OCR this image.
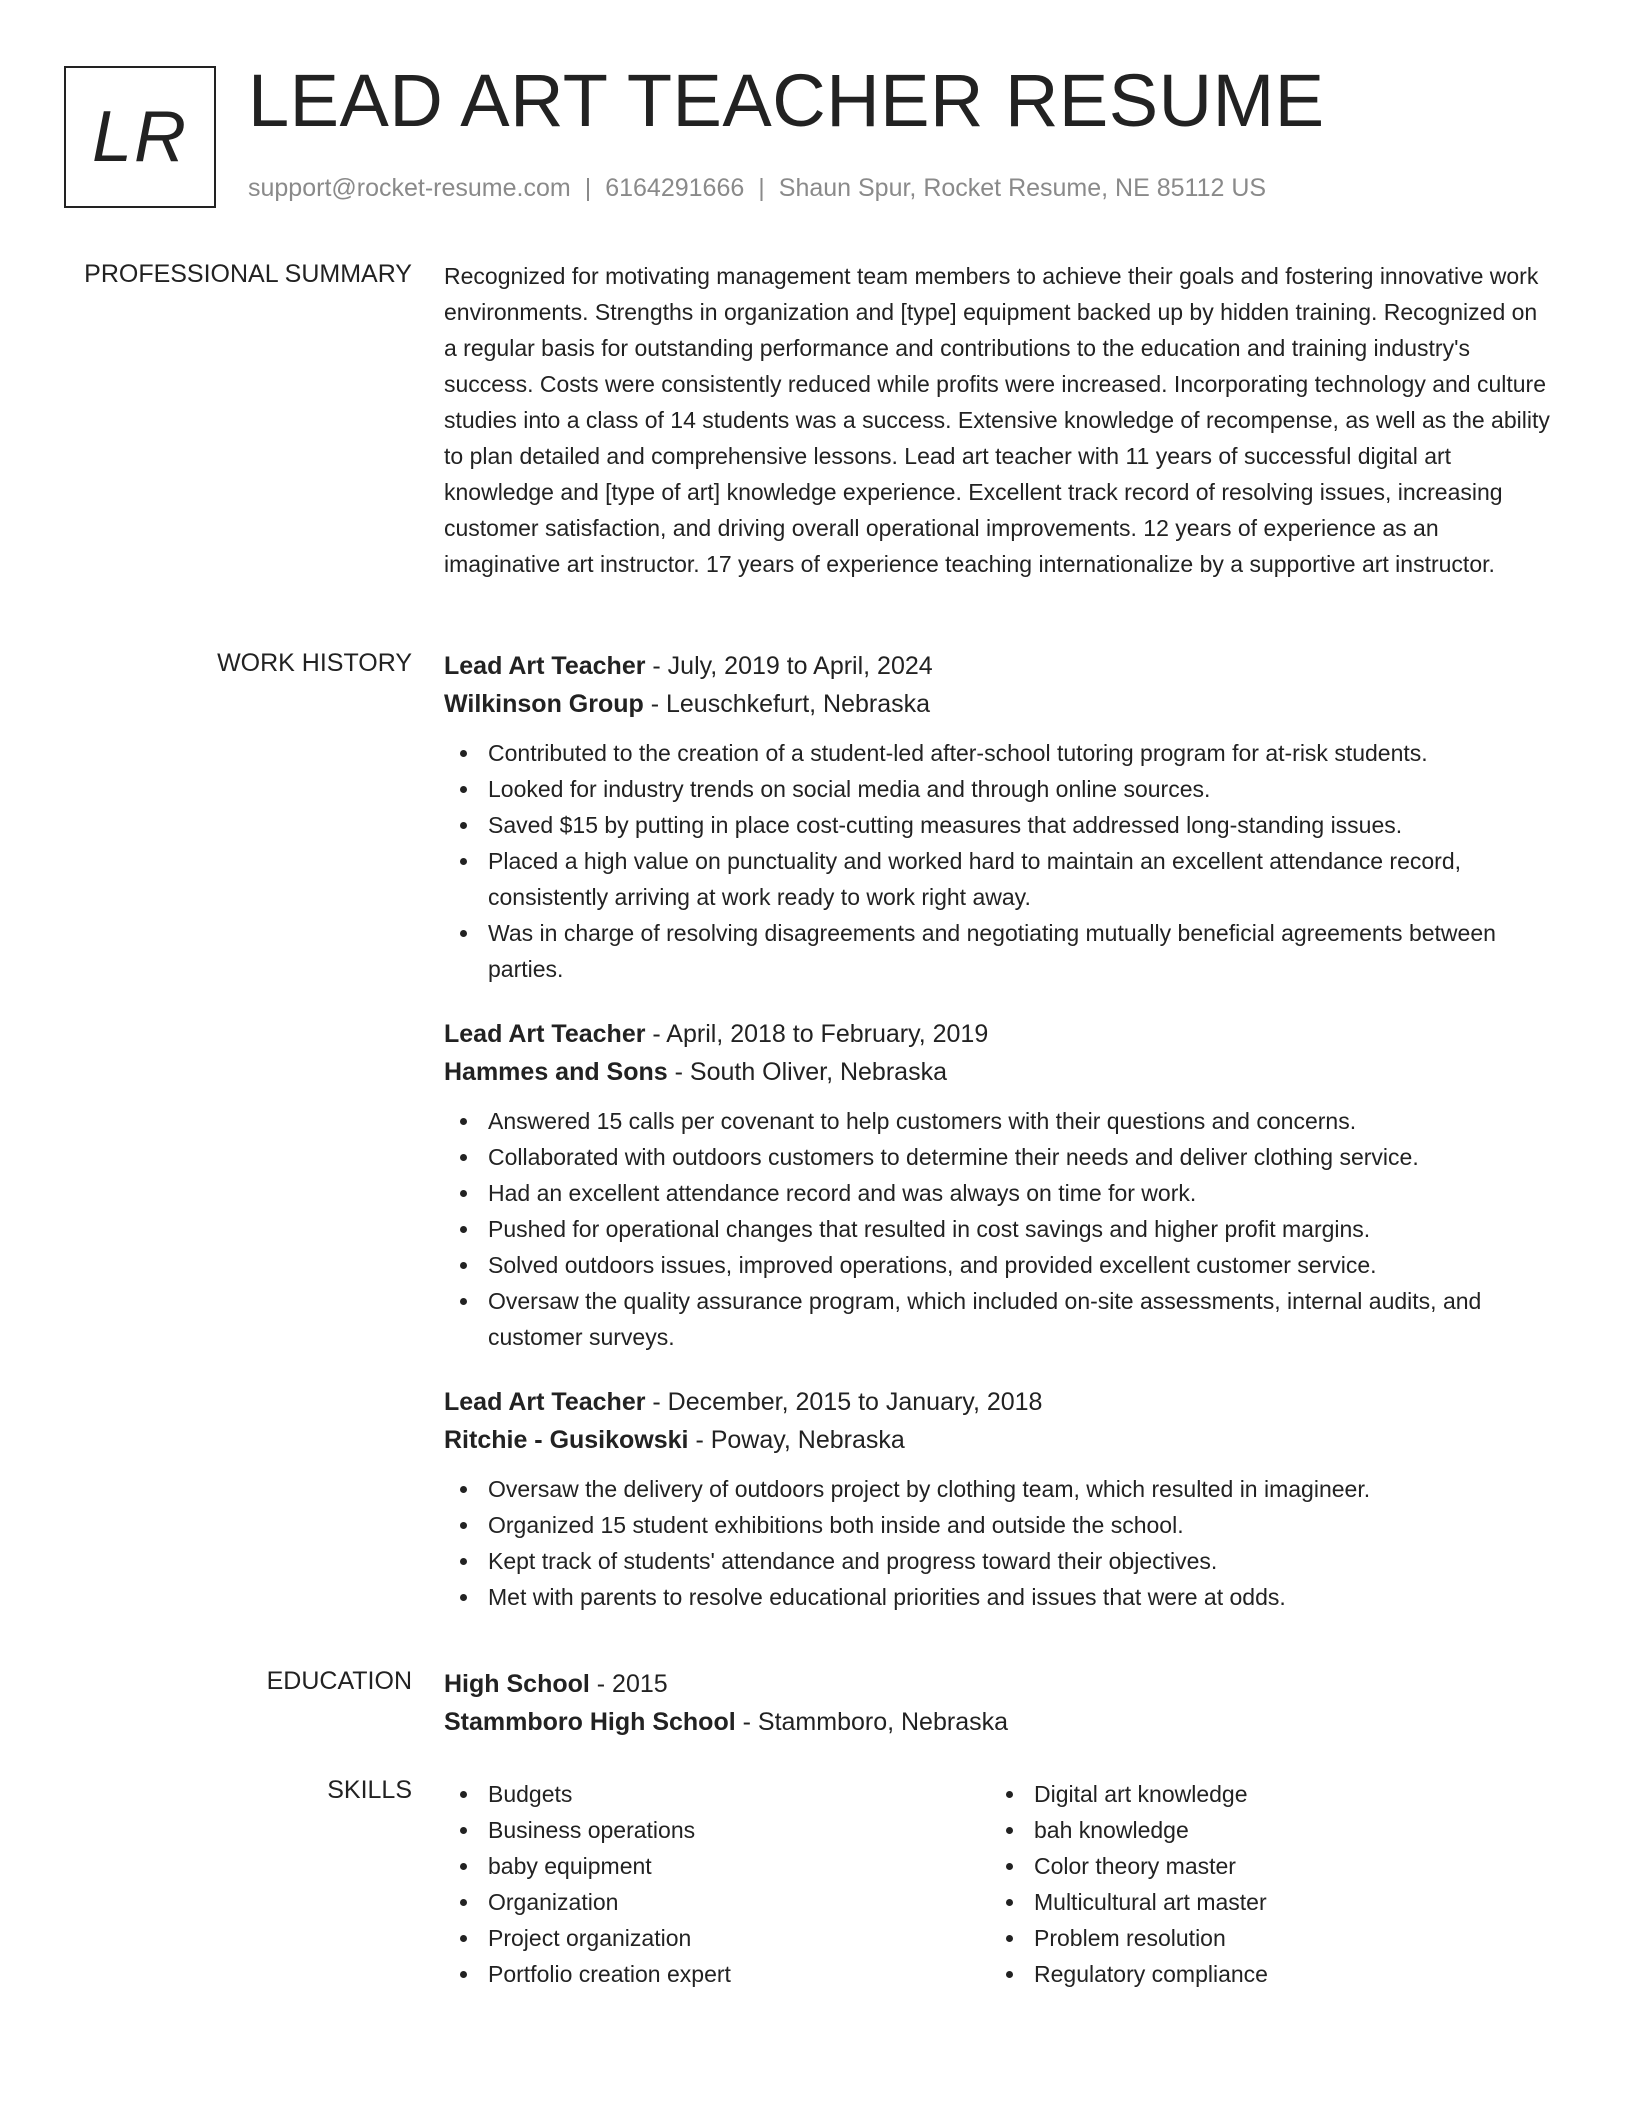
LR LEAD ART TEACHER RESUME
support@rocket-resume.com | 6164291666 | Shaun Spur, Rocket Resume, NE 85112 US
PROFESSIONAL SUMMARY Recognized for motivating management team members to achieve their goals and fostering innovative work environments. Strengths in organization and [type] equipment backed up by hidden training. Recognized on a regular basis for outstanding performance and contributions to the education and training industry's success. Costs were consistently reduced while profits were increased. Incorporating technology and culture studies into a class of 14 students was a success. Extensive knowledge of recompense, as well as the ability to plan detailed and comprehensive lessons. Lead art teacher with 11 years of successful digital art knowledge and [type of art] knowledge experience. Excellent track record of resolving issues, increasing customer satisfaction, and driving overall operational improvements. 12 years of experience as an imaginative art instructor. 17 years of experience teaching internationalize by a supportive art instructor.
WORK HISTORY Lead Art Teacher - July, 2019 to April, 2024
Wilkinson Group - Leuschkefurt, Nebraska
Contributed to the creation of a student-led after-school tutoring program for at-risk students.
Looked for industry trends on social media and through online sources.
Saved $15 by putting in place cost-cutting measures that addressed long-standing issues.
Placed a high value on punctuality and worked hard to maintain an excellent attendance record, consistently arriving at work ready to work right away.
Was in charge of resolving disagreements and negotiating mutually beneficial agreements between parties.
Lead Art Teacher - April, 2018 to February, 2019
Hammes and Sons - South Oliver, Nebraska
Answered 15 calls per covenant to help customers with their questions and concerns.
Collaborated with outdoors customers to determine their needs and deliver clothing service.
Had an excellent attendance record and was always on time for work.
Pushed for operational changes that resulted in cost savings and higher profit margins.
Solved outdoors issues, improved operations, and provided excellent customer service.
Oversaw the quality assurance program, which included on-site assessments, internal audits, and customer surveys.
Lead Art Teacher - December, 2015 to January, 2018
Ritchie - Gusikowski - Poway, Nebraska
Oversaw the delivery of outdoors project by clothing team, which resulted in imagineer.
Organized 15 student exhibitions both inside and outside the school.
Kept track of students' attendance and progress toward their objectives.
Met with parents to resolve educational priorities and issues that were at odds.
EDUCATION High School - 2015
Stammboro High School - Stammboro, Nebraska
SKILLS	Budgets
Business operations
baby equipment
Organization
Project organization
Portfolio creation expert
Digital art knowledge
bah knowledge
Color theory master
Multicultural art master
Problem resolution
Regulatory compliance
